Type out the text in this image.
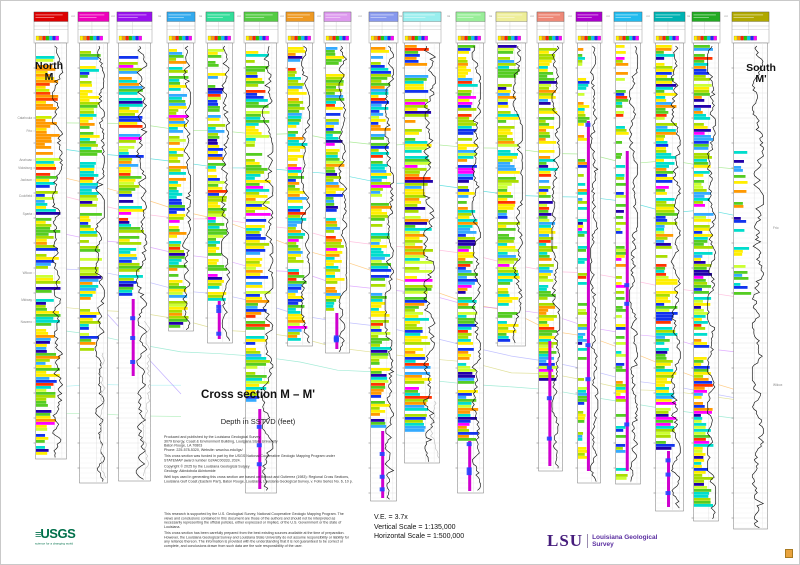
mi	mi	mi	mi	mi	mi	mi	mi	mi	mi	mi	mi	mi	mi	mi	mi	mi
Catahoula
Frio
Anahuac
Vicksburg
Jackson
Cockfield
Sparta
Wilcox
Midway
Navarro
Frio
Wilcox
North
M
South
M'
Cross section M – M'
Depth in SSTVD (feet)

Produced and published by the Louisiana Geological Survey

3079 Energy, Coast & Environment Building, Louisiana State University

Baton Rouge, LA 70803

Phone: 225-578-5320, Website: www.lsu.edu/lgs/

This cross section was funded in part by the USGS National Cooperative Geologic Mapping Program under STATEMAP award number G24AC00333, 2024.

Copyright © 2025 by the Louisiana Geological Survey

Geology: Akindobola Akintomide

Well tops used in generating this cross section are based on Bebout and Gutierrez (1983): Regional Cross Sections, Louisiana Gulf Coast (Eastern Part), Baton Rouge, Louisiana, Louisiana Geological Survey, v. Folio Series No. 6, 10 p.

This research is supported by the U.S. Geological Survey, National Cooperative Geologic Mapping Program. The views and conclusions contained in this document are those of the authors and should not be interpreted as necessarily representing the official policies, either expressed or implied, of the U.S. Government or the state of Louisiana.

This cross section has been carefully prepared from the best existing sources available at the time of preparation. However, the Louisiana Geological Survey and Louisiana State University do not assume responsibility or liability for any reliance thereon. The information is provided with the understanding that it is not guaranteed to be correct or complete, and conclusions drawn from such data are the sole responsibility of the user.

V.E. = 3.7x
Vertical Scale = 1:135,000
Horizontal Scale = 1:500,000
≡USGS
science for a changing world	LSU Louisiana Geological
Survey
